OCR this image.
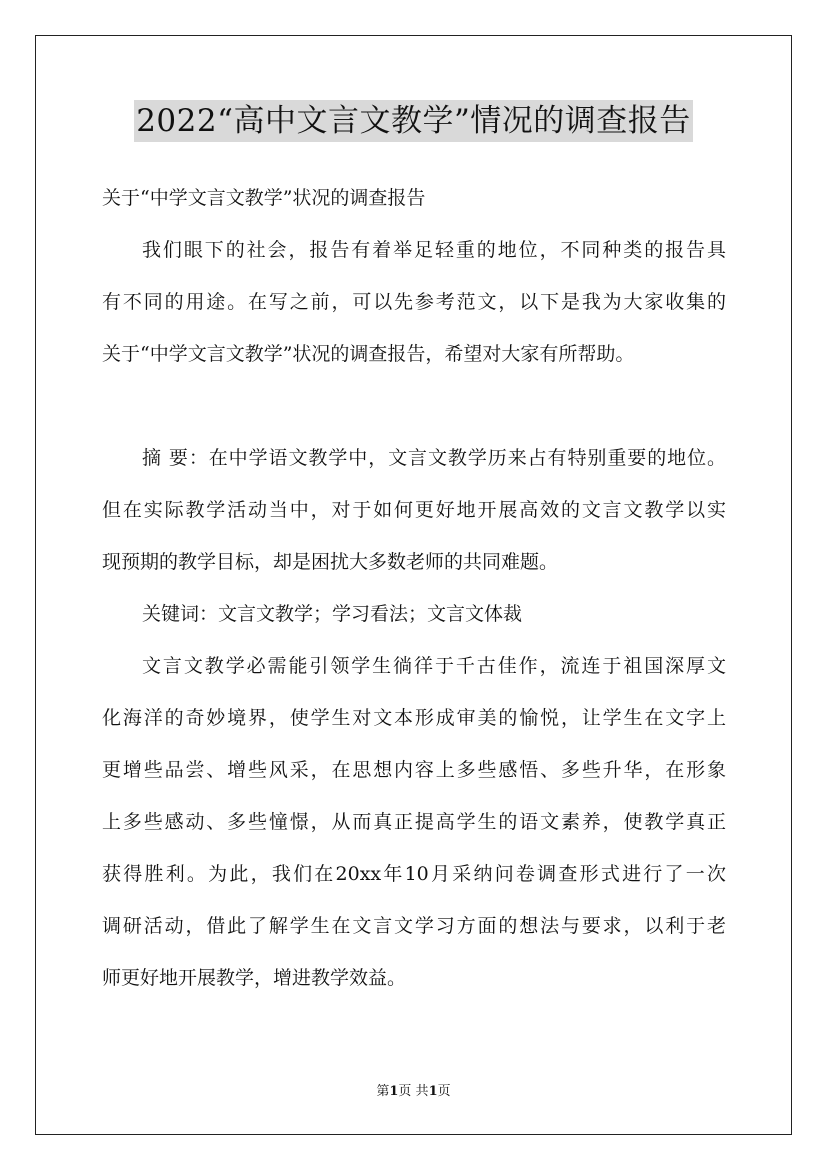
2022“高中文言文教学”情况的调查报告
关于“中学文言文教学”状况的调查报告
我们眼下的社会，报告有着举足轻重的地位，不同种类的报告具
有不同的用途。在写之前，可以先参考范文，以下是我为大家收集的
关于“中学文言文教学”状况的调查报告，希望对大家有所帮助。
摘 要：在中学语文教学中，文言文教学历来占有特别重要的地位。
但在实际教学活动当中，对于如何更好地开展高效的文言文教学以实
现预期的教学目标，却是困扰大多数老师的共同难题。
关键词：文言文教学；学习看法；文言文体裁
文言文教学必需能引领学生徜徉于千古佳作，流连于祖国深厚文
化海洋的奇妙境界，使学生对文本形成审美的愉悦，让学生在文字上
更增些品尝、增些风采，在思想内容上多些感悟、多些升华，在形象
上多些感动、多些憧憬，从而真正提高学生的语文素养，使教学真正
获得胜利。为此，我们在20xx年10月采纳问卷调查形式进行了一次
调研活动，借此了解学生在文言文学习方面的想法与要求，以利于老
师更好地开展教学，增进教学效益。
第1页 共1页
